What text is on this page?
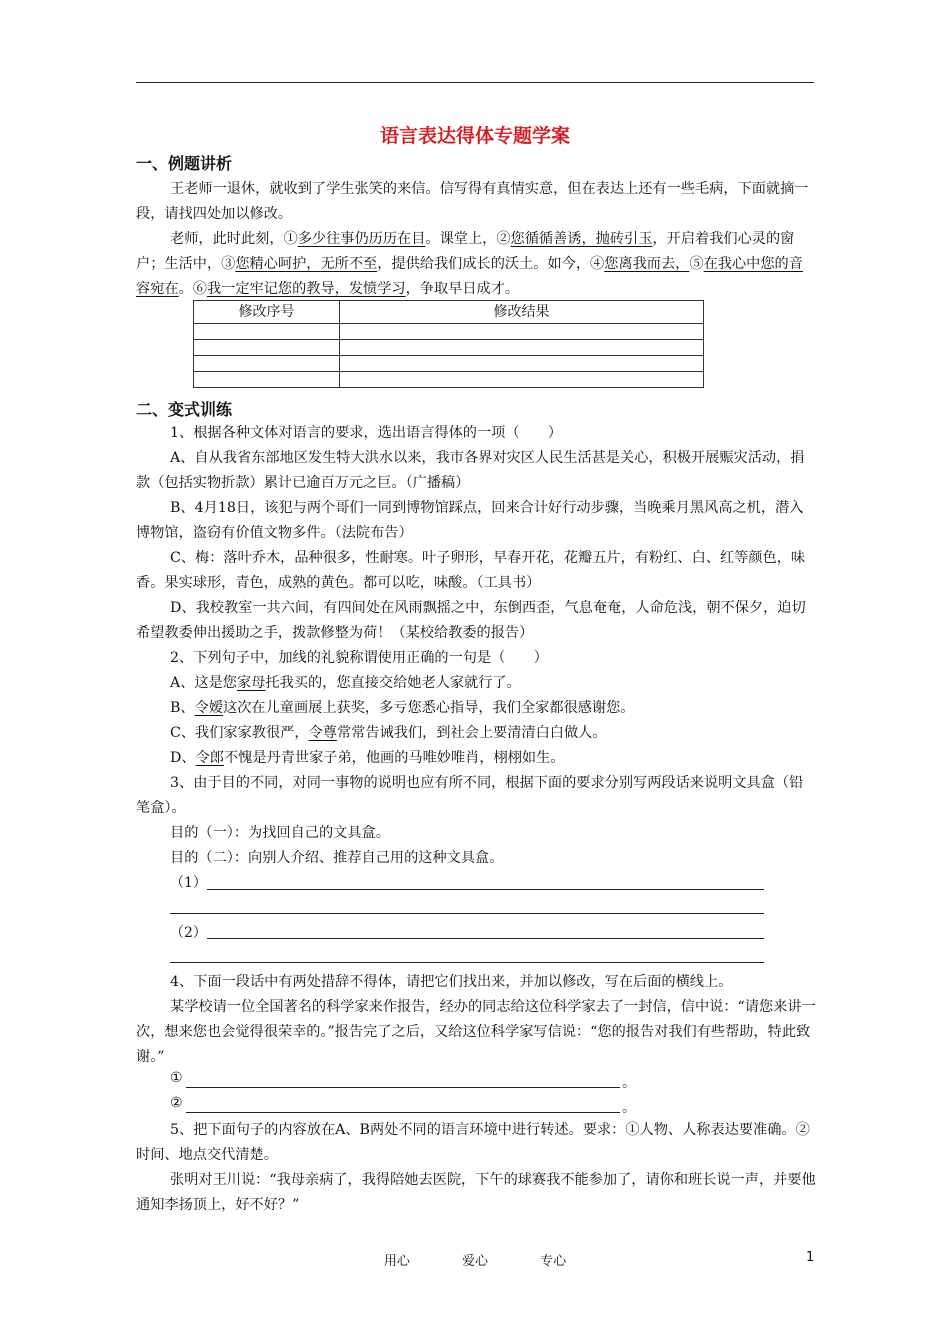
语言表达得体专题学案
一、例题讲析
王老师一退休，就收到了学生张笑的来信。信写得有真情实意，但在表达上还有一些毛病，下面就摘一段，请找四处加以修改。
老师，此时此刻，①多少往事仍历历在目。课堂上，②您循循善诱，抛砖引玉，开启着我们心灵的窗户；生活中，③您精心呵护，无所不至，提供给我们成长的沃土。如今，④您离我而去，⑤在我心中您的音容宛在。⑥我一定牢记您的教导，发愤学习，争取早日成才。
修改序号	修改结果

二、变式训练
1、根据各种文体对语言的要求，选出语言得体的一项（　　）
A、自从我省东部地区发生特大洪水以来，我市各界对灾区人民生活甚是关心，积极开展赈灾活动，捐款（包括实物折款）累计已逾百万元之巨。（广播稿）
B、4月18日，该犯与两个哥们一同到博物馆踩点，回来合计好行动步骤，当晚乘月黑风高之机，潜入博物馆，盗窃有价值文物多件。（法院布告）
C、梅：落叶乔木，品种很多，性耐寒。叶子卵形，早春开花，花瓣五片，有粉红、白、红等颜色，味香。果实球形，青色，成熟的黄色。都可以吃，味酸。（工具书）
D、我校教室一共六间，有四间处在风雨飘摇之中，东倒西歪，气息奄奄，人命危浅，朝不保夕，迫切希望教委伸出援助之手，拨款修整为荷！（某校给教委的报告）
2、下列句子中，加线的礼貌称谓使用正确的一句是（　　）
A、这是您家母托我买的，您直接交给她老人家就行了。
B、令嫒这次在儿童画展上获奖，多亏您悉心指导，我们全家都很感谢您。
C、我们家家教很严，令尊常常告诫我们，到社会上要清清白白做人。
D、令郎不愧是丹青世家子弟，他画的马唯妙唯肖，栩栩如生。
3、由于目的不同，对同一事物的说明也应有所不同，根据下面的要求分别写两段话来说明文具盒（铅笔盒）。
目的（一）：为找回自己的文具盒。
目的（二）：向别人介绍、推荐自己用的这种文具盒。
（1）
（2）
4、下面一段话中有两处措辞不得体，请把它们找出来，并加以修改，写在后面的横线上。
某学校请一位全国著名的科学家来作报告，经办的同志给这位科学家去了一封信，信中说：“请您来讲一次，想来您也会觉得很荣幸的。”报告完了之后，又给这位科学家写信说：“您的报告对我们有些帮助，特此致谢。”
①	。
②	。
5、把下面句子的内容放在A、B两处不同的语言环境中进行转述。要求：①人物、人称表达要准确。②时间、地点交代清楚。
张明对王川说：“我母亲病了，我得陪她去医院，下午的球赛我不能参加了，请你和班长说一声，并要他通知李扬顶上，好不好？”
用心	爱心	专心	1
